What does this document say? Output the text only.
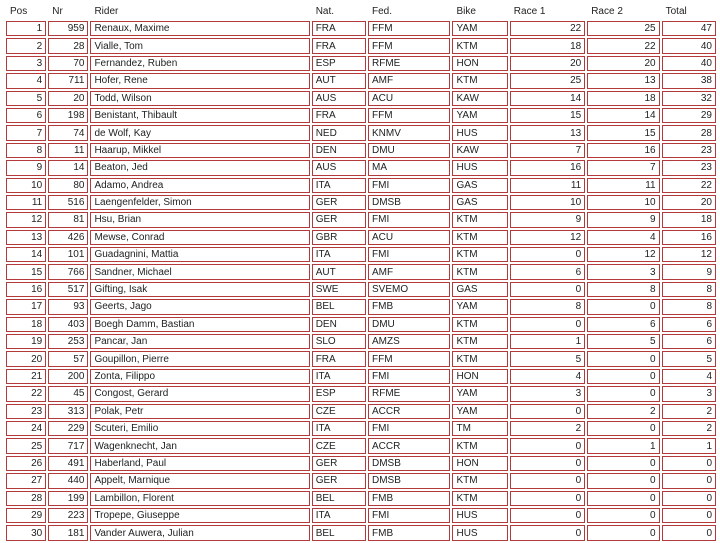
Pos	Nr	Rider	Nat.	Fed.	Bike	Race 1	Race 2	Total
1	959	Renaux, Maxime	FRA	FFM	YAM	22	25	47
2	28	Vialle, Tom	FRA	FFM	KTM	18	22	40
3	70	Fernandez, Ruben	ESP	RFME	HON	20	20	40
4	711	Hofer, Rene	AUT	AMF	KTM	25	13	38
5	20	Todd, Wilson	AUS	ACU	KAW	14	18	32
6	198	Benistant, Thibault	FRA	FFM	YAM	15	14	29
7	74	de Wolf, Kay	NED	KNMV	HUS	13	15	28
8	11	Haarup, Mikkel	DEN	DMU	KAW	7	16	23
9	14	Beaton, Jed	AUS	MA	HUS	16	7	23
10	80	Adamo, Andrea	ITA	FMI	GAS	11	11	22
11	516	Laengenfelder, Simon	GER	DMSB	GAS	10	10	20
12	81	Hsu, Brian	GER	FMI	KTM	9	9	18
13	426	Mewse, Conrad	GBR	ACU	KTM	12	4	16
14	101	Guadagnini, Mattia	ITA	FMI	KTM	0	12	12
15	766	Sandner, Michael	AUT	AMF	KTM	6	3	9
16	517	Gifting, Isak	SWE	SVEMO	GAS	0	8	8
17	93	Geerts, Jago	BEL	FMB	YAM	8	0	8
18	403	Boegh Damm, Bastian	DEN	DMU	KTM	0	6	6
19	253	Pancar, Jan	SLO	AMZS	KTM	1	5	6
20	57	Goupillon, Pierre	FRA	FFM	KTM	5	0	5
21	200	Zonta, Filippo	ITA	FMI	HON	4	0	4
22	45	Congost, Gerard	ESP	RFME	YAM	3	0	3
23	313	Polak, Petr	CZE	ACCR	YAM	0	2	2
24	229	Scuteri, Emilio	ITA	FMI	TM	2	0	2
25	717	Wagenknecht, Jan	CZE	ACCR	KTM	0	1	1
26	491	Haberland, Paul	GER	DMSB	HON	0	0	0
27	440	Appelt, Marnique	GER	DMSB	KTM	0	0	0
28	199	Lambillon, Florent	BEL	FMB	KTM	0	0	0
29	223	Tropepe, Giuseppe	ITA	FMI	HUS	0	0	0
30	181	Vander Auwera, Julian	BEL	FMB	HUS	0	0	0
